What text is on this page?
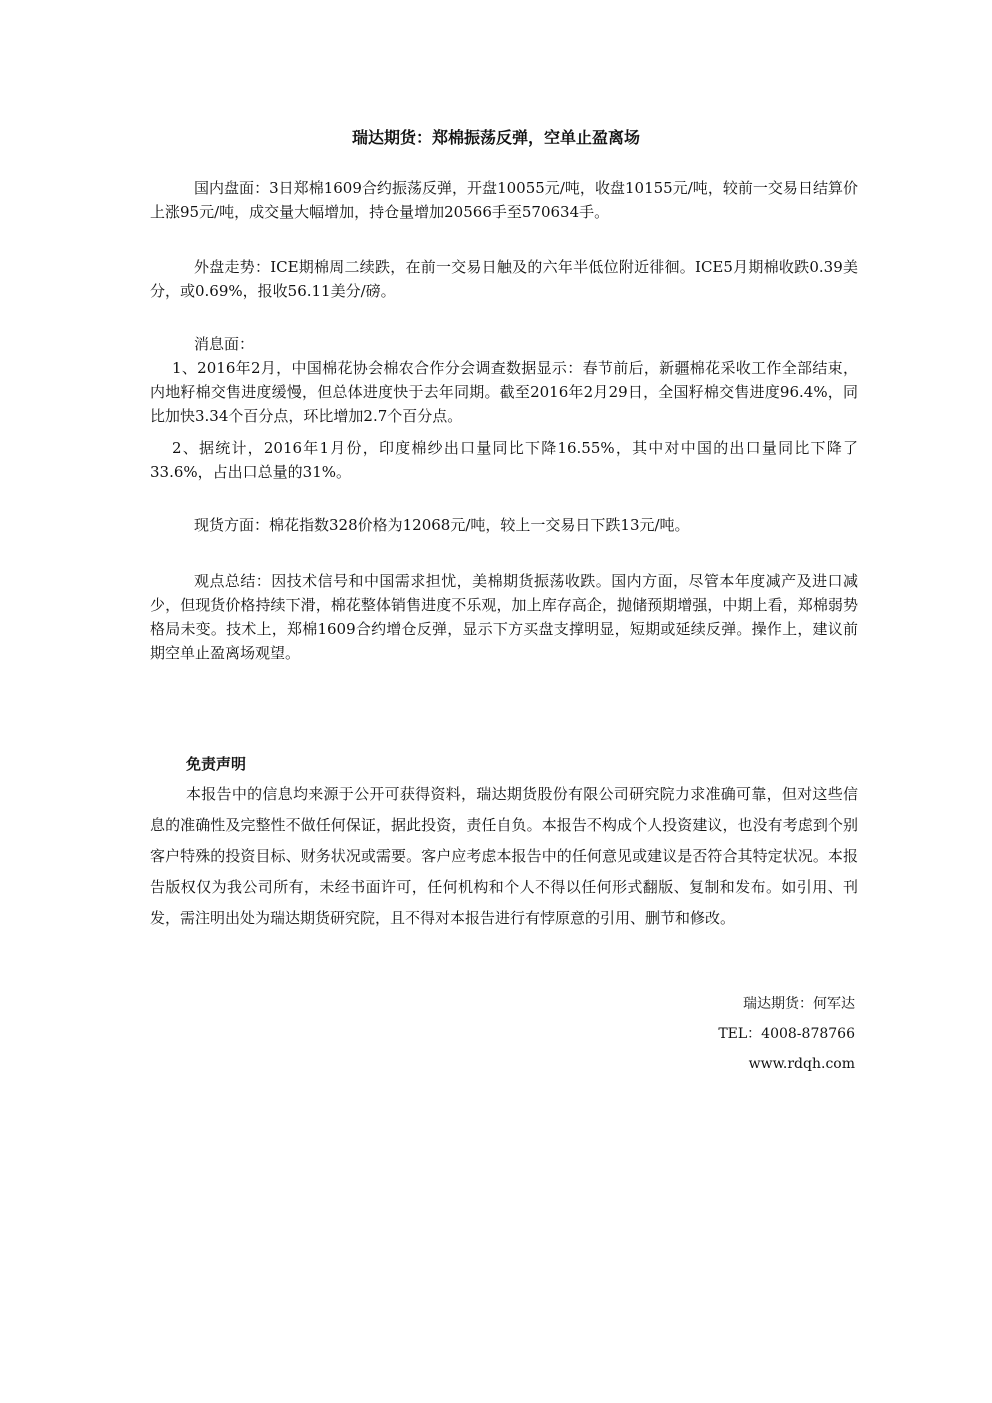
瑞达期货：郑棉振荡反弹，空单止盈离场

国内盘面：3日郑棉1609合约振荡反弹，开盘10055元/吨，收盘10155元/吨，较前一交易日结算价上涨95元/吨，成交量大幅增加，持仓量增加20566手至570634手。

外盘走势：ICE期棉周二续跌，在前一交易日触及的六年半低位附近徘徊。ICE5月期棉收跌0.39美分，或0.69%，报收56.11美分/磅。

消息面：

1、2016年2月，中国棉花协会棉农合作分会调查数据显示：春节前后，新疆棉花采收工作全部结束，内地籽棉交售进度缓慢，但总体进度快于去年同期。截至2016年2月29日，全国籽棉交售进度96.4%，同比加快3.34个百分点，环比增加2.7个百分点。

2、据统计，2016年1月份，印度棉纱出口量同比下降16.55%，其中对中国的出口量同比下降了33.6%，占出口总量的31%。

现货方面：棉花指数328价格为12068元/吨，较上一交易日下跌13元/吨。

观点总结：因技术信号和中国需求担忧，美棉期货振荡收跌。国内方面，尽管本年度减产及进口减少，但现货价格持续下滑，棉花整体销售进度不乐观，加上库存高企，抛储预期增强，中期上看，郑棉弱势格局未变。技术上，郑棉1609合约增仓反弹，显示下方买盘支撑明显，短期或延续反弹。操作上，建议前期空单止盈离场观望。

免责声明

本报告中的信息均来源于公开可获得资料，瑞达期货股份有限公司研究院力求准确可靠，但对这些信息的准确性及完整性不做任何保证，据此投资，责任自负。本报告不构成个人投资建议，也没有考虑到个别客户特殊的投资目标、财务状况或需要。客户应考虑本报告中的任何意见或建议是否符合其特定状况。本报告版权仅为我公司所有，未经书面许可，任何机构和个人不得以任何形式翻版、复制和发布。如引用、刊发，需注明出处为瑞达期货研究院，且不得对本报告进行有悖原意的引用、删节和修改。

瑞达期货：何军达
TEL：4008-878766
www.rdqh.com
